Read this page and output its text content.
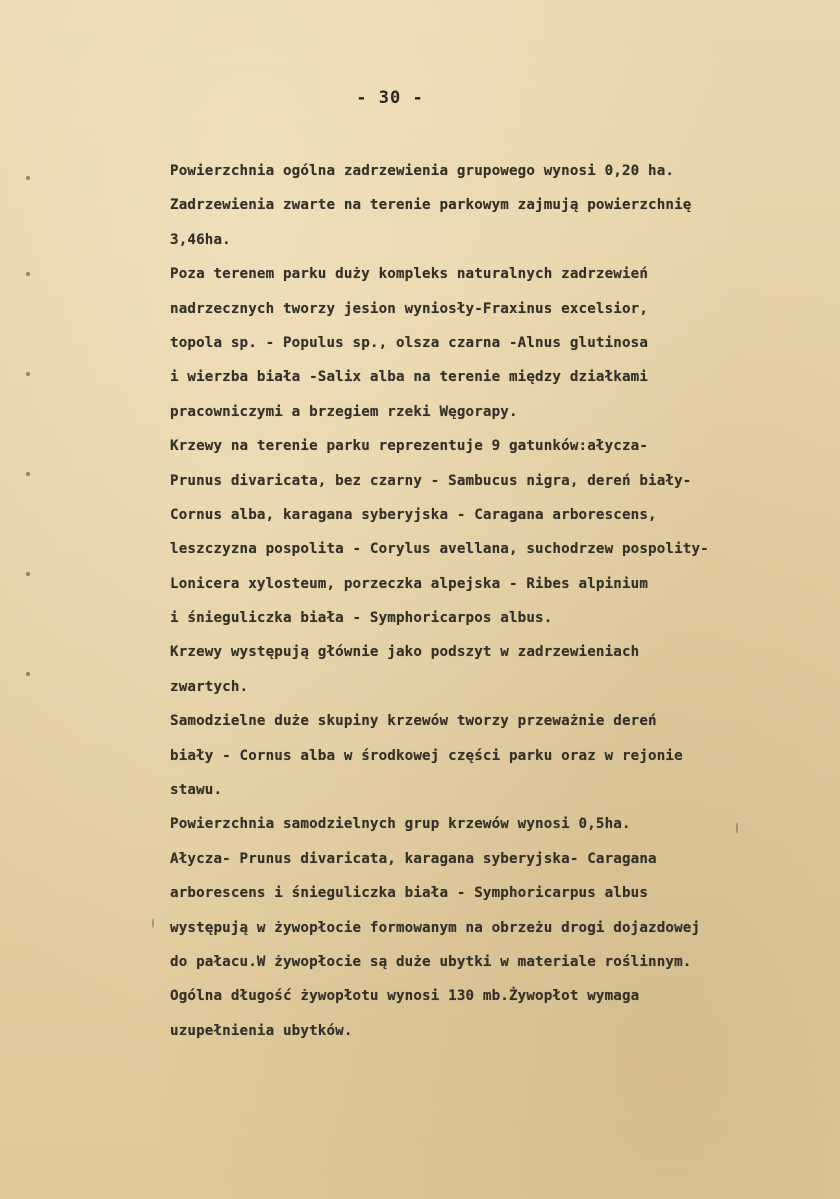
- 30 -
Powierzchnia ogólna zadrzewienia grupowego wynosi 0,20 ha.
Zadrzewienia zwarte na terenie parkowym zajmują powierzchnię
3,46ha.
Poza terenem parku duży kompleks naturalnych zadrzewień
nadrzecznych tworzy jesion wyniosły-Fraxinus excelsior,
topola sp. - Populus sp., olsza czarna -Alnus glutinosa
i wierzba biała -Salix alba na terenie między działkami
pracowniczymi a brzegiem rzeki Węgorapy.
Krzewy na terenie parku reprezentuje 9 gatunków:ałycza-
Prunus divaricata, bez czarny - Sambucus nigra, dereń biały-
Cornus alba, karagana syberyjska - Caragana arborescens,
leszczyzna pospolita - Corylus avellana, suchodrzew pospolity-
Lonicera xylosteum, porzeczka alpejska - Ribes alpinium
i śnieguliczka biała - Symphoricarpos albus.
Krzewy występują głównie jako podszyt w zadrzewieniach
zwartych.
Samodzielne duże skupiny krzewów tworzy przeważnie dereń
biały - Cornus alba w środkowej części parku oraz w rejonie
stawu.
Powierzchnia samodzielnych grup krzewów wynosi 0,5ha.
Ałycza- Prunus divaricata, karagana syberyjska- Caragana
arborescens i śnieguliczka biała - Symphoricarpus albus
występują w żywopłocie formowanym na obrzeżu drogi dojazdowej
do pałacu.W żywopłocie są duże ubytki w materiale roślinnym.
Ogólna długość żywopłotu wynosi 130 mb.Żywopłot wymaga
uzupełnienia ubytków.
